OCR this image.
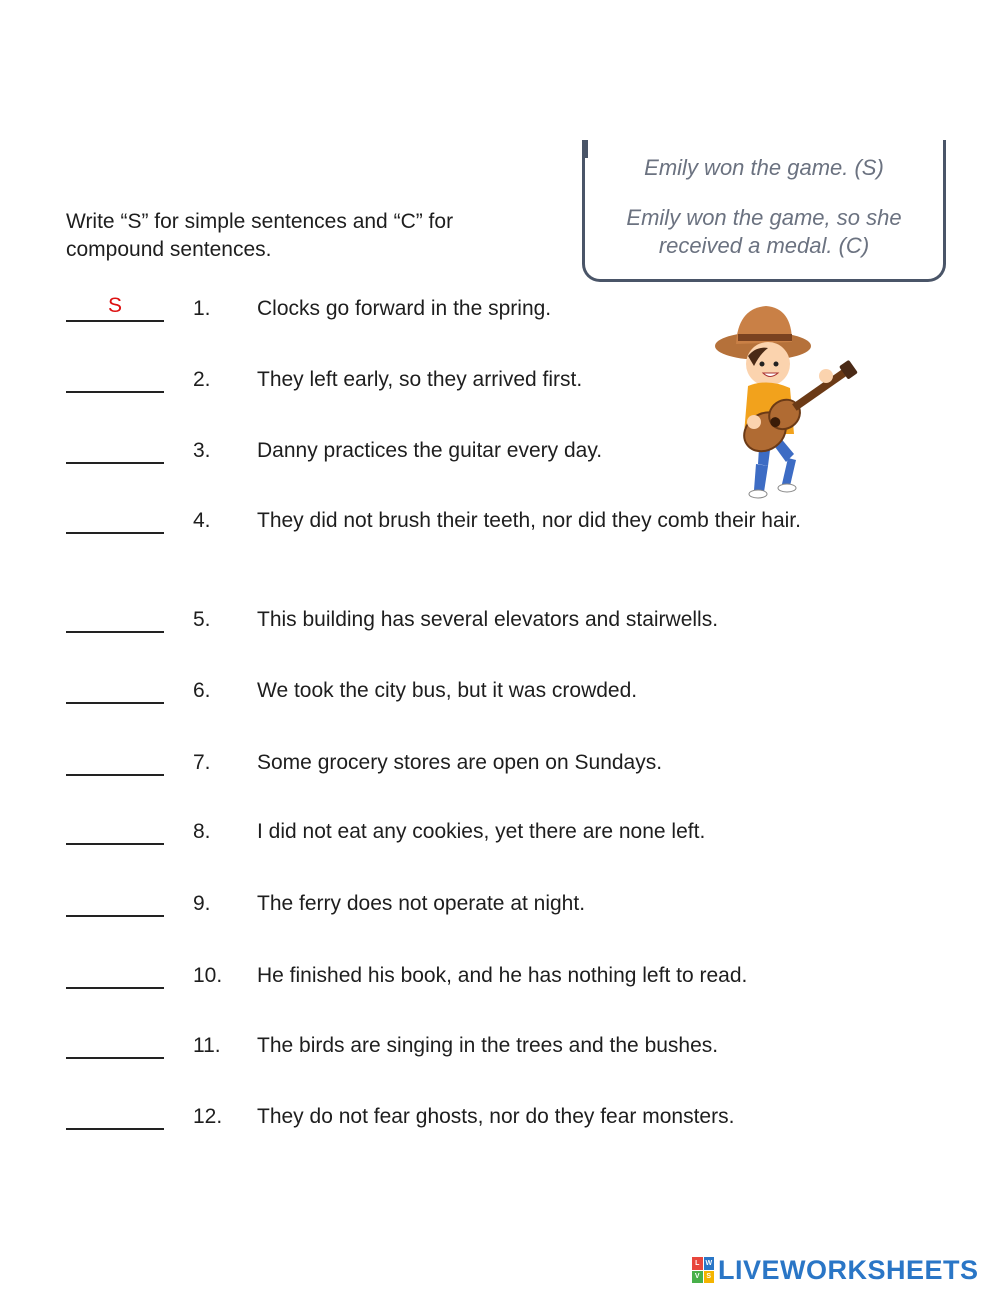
Write “S” for simple sentences and “C” for compound sentences.
Emily won the game. (S)
Emily won the game, so she
received a medal. (C)
S	1. Clocks go forward in the spring.
2. They left early, so they arrived first.
3. Danny practices the guitar every day.
4. They did not brush their teeth, nor did they comb their hair.
5. This building has several elevators and stairwells.
6. We took the city bus, but it was crowded.
7. Some grocery stores are open on Sundays.
8. I did not eat any cookies, yet there are none left.
9. The ferry does not operate at night.
10. He finished his book, and he has nothing left to read.
11. The birds are singing in the trees and the bushes.
12. They do not fear ghosts, nor do they fear monsters.
L W
V S LIVEWORKSHEETS
